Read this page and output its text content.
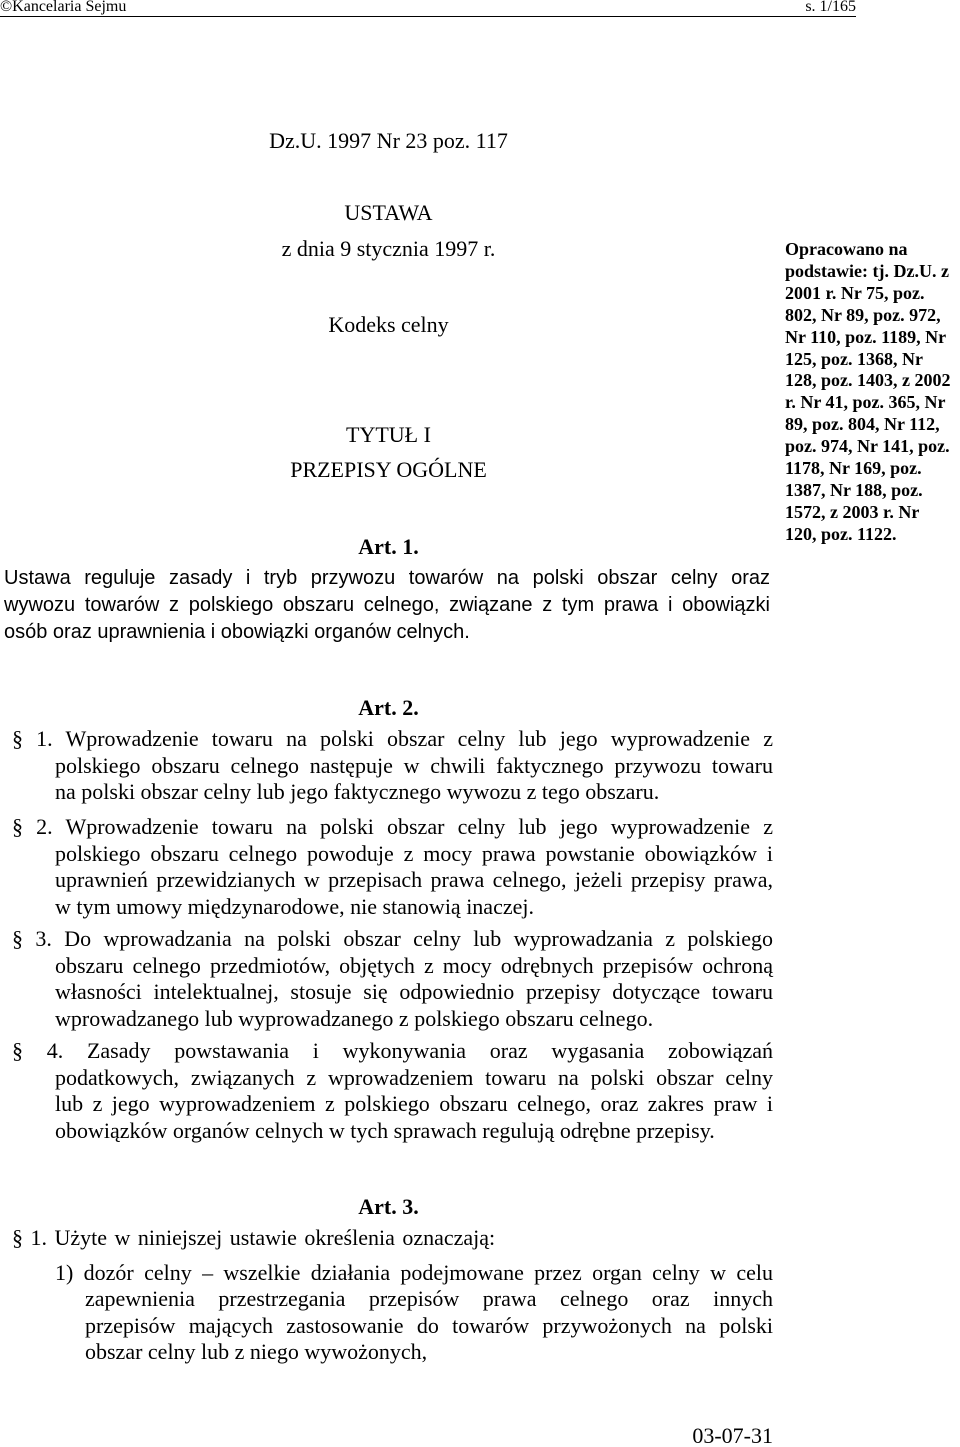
©Kancelaria Sejmu	s. 1/165
Dz.U. 1997 Nr 23 poz. 117
USTAWA
z dnia 9 stycznia 1997 r.
Kodeks celny
TYTUŁ I
PRZEPISY OGÓLNE
Opracowano na
podstawie: tj. Dz.U. z
2001 r. Nr 75, poz.
802, Nr 89, poz. 972,
Nr 110, poz. 1189, Nr
125, poz. 1368, Nr
128, poz. 1403, z 2002
r. Nr 41, poz. 365, Nr
89, poz. 804, Nr 112,
poz. 974, Nr 141, poz.
1178, Nr 169, poz.
1387, Nr 188, poz.
1572, z 2003 r. Nr
120, poz. 1122.
Art. 1.
Ustawa reguluje zasady i tryb przywozu towarów na polski obszar celny oraz
wywozu towarów z polskiego obszaru celnego, związane z tym prawa i obowiązki
osób oraz uprawnienia i obowiązki organów celnych.
Art. 2.
§ 1. Wprowadzenie towaru na polski obszar celny lub jego wyprowadzenie z
polskiego obszaru celnego następuje w chwili faktycznego przywozu towaru
na polski obszar celny lub jego faktycznego wywozu z tego obszaru.
§ 2. Wprowadzenie towaru na polski obszar celny lub jego wyprowadzenie z
polskiego obszaru celnego powoduje z mocy prawa powstanie obowiązków i
uprawnień przewidzianych w przepisach prawa celnego, jeżeli przepisy prawa,
w tym umowy międzynarodowe, nie stanowią inaczej.
§ 3. Do wprowadzania na polski obszar celny lub wyprowadzania z polskiego
obszaru celnego przedmiotów, objętych z mocy odrębnych przepisów ochroną
własności intelektualnej, stosuje się odpowiednio przepisy dotyczące towaru
wprowadzanego lub wyprowadzanego z polskiego obszaru celnego.
§ 4. Zasady powstawania i wykonywania oraz wygasania zobowiązań
podatkowych, związanych z wprowadzeniem towaru na polski obszar celny
lub z jego wyprowadzeniem z polskiego obszaru celnego, oraz zakres praw i
obowiązków organów celnych w tych sprawach regulują odrębne przepisy.
Art. 3.
§ 1. Użyte w niniejszej ustawie określenia oznaczają:
1) dozór celny – wszelkie działania podejmowane przez organ celny w celu
zapewnienia przestrzegania przepisów prawa celnego oraz innych
przepisów mających zastosowanie do towarów przywożonych na polski
obszar celny lub z niego wywożonych,
03-07-31
